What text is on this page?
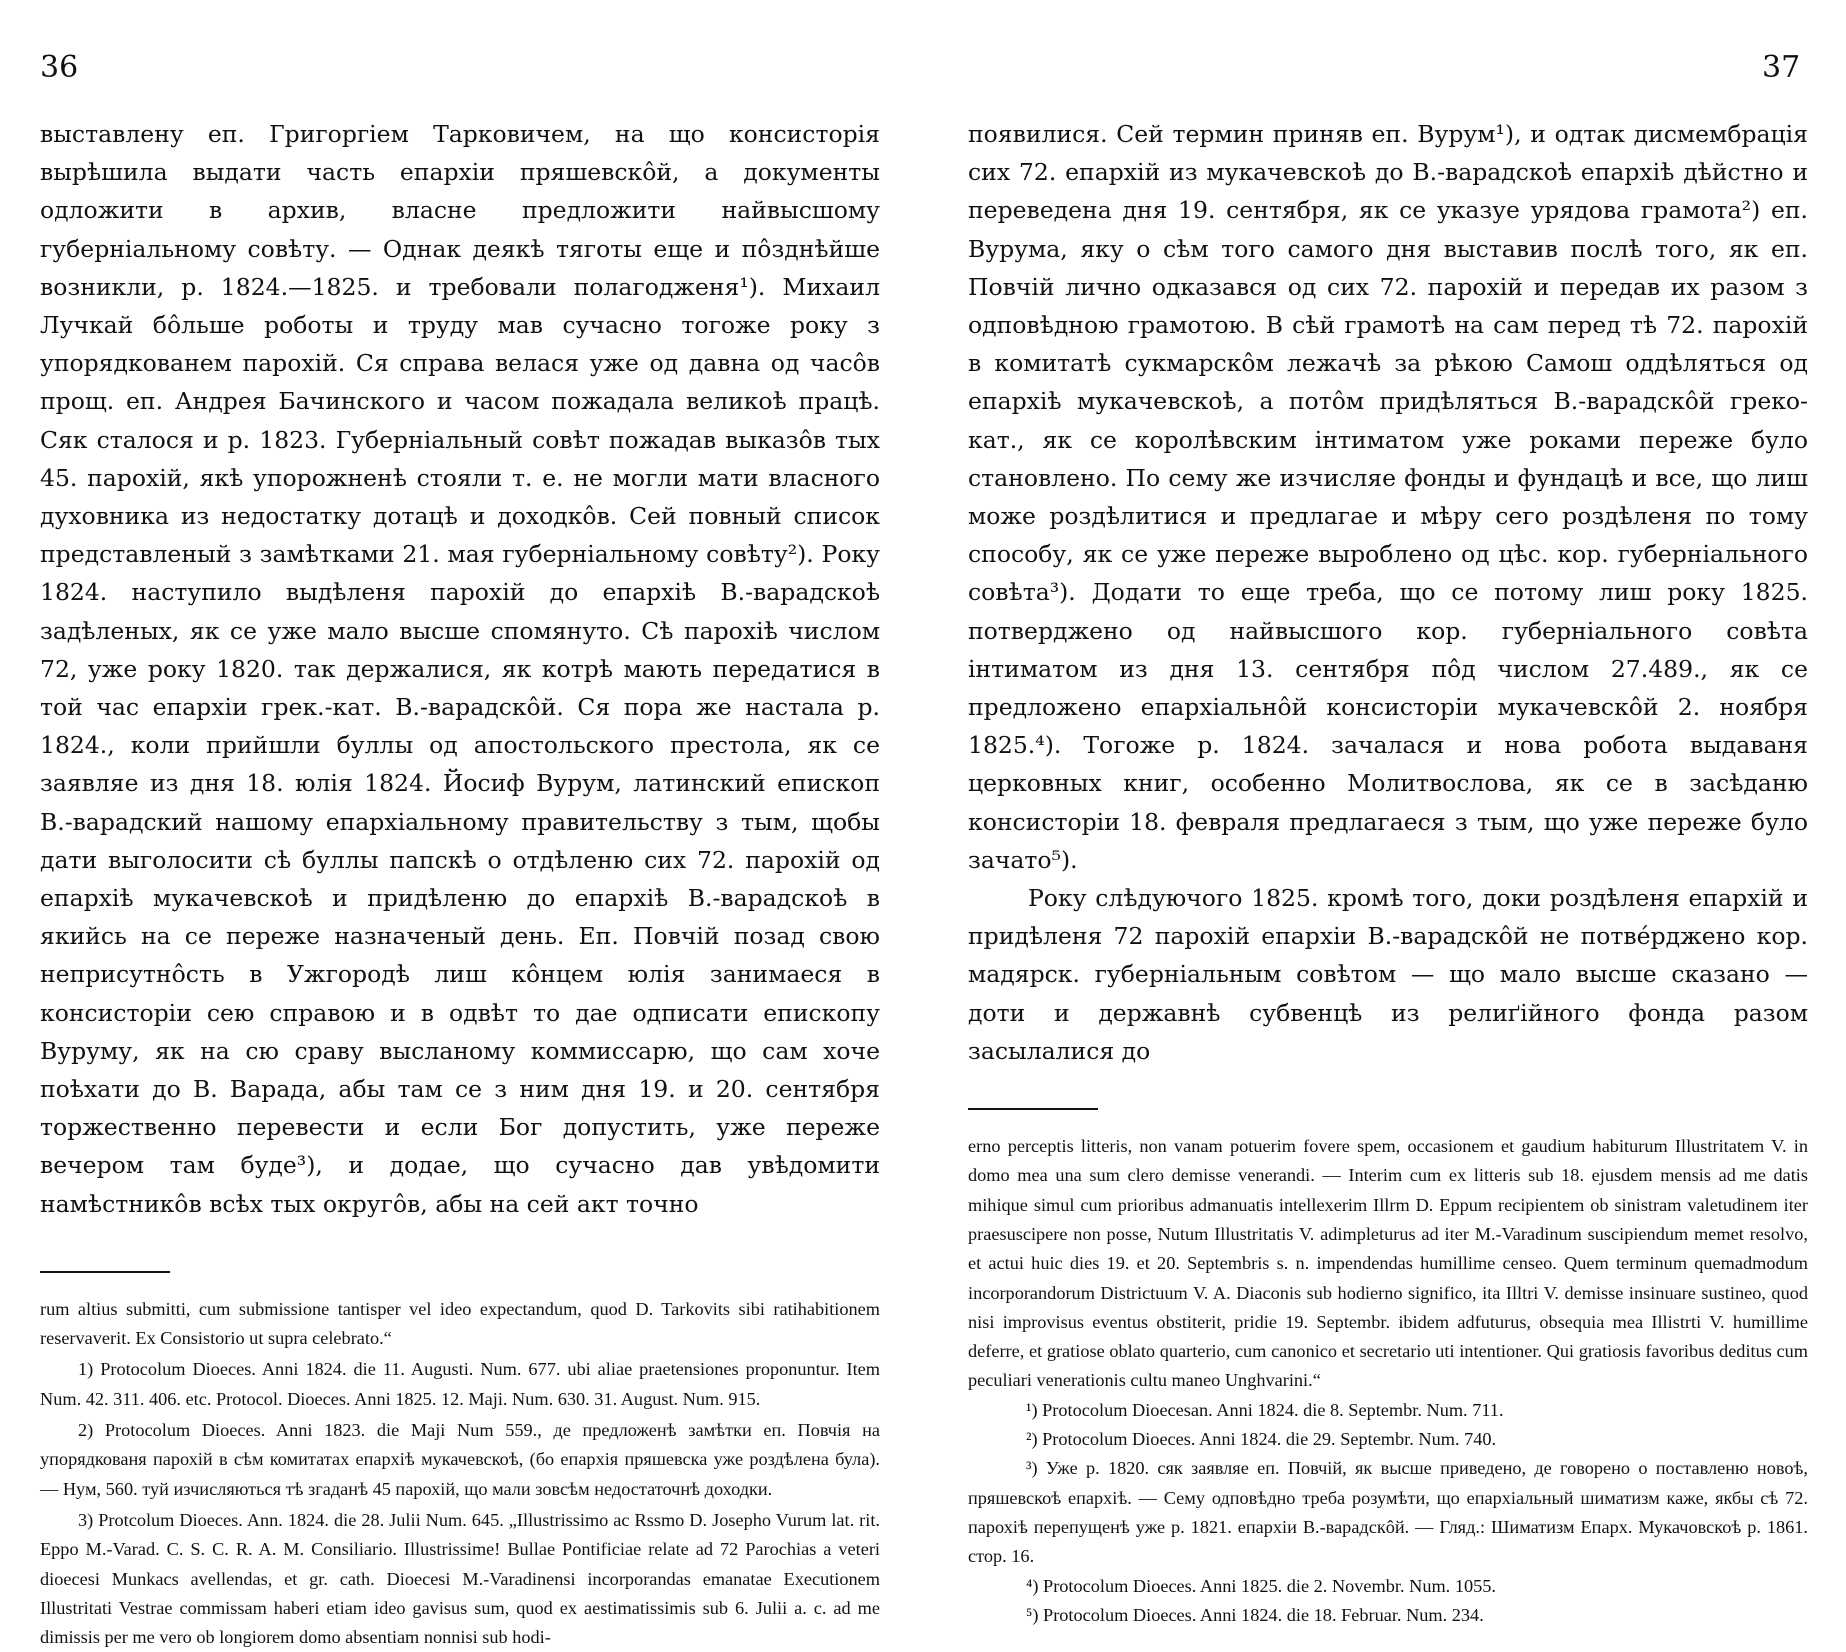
36	37

выставлену еп. Григоргіем Тарковичем, на що консисторія вырѣшила выдати часть епархіи пряшевскôй, а документы одложити в архив, власне предложити найвысшому губерніальному совѣту. — Однак деякѣ тяготы еще и пôзднѣйше возникли, р. 1824.—1825. и требовали полагодженя¹). Михаил Лучкай бôльше роботы и труду мав сучасно тогоже року з упорядкованем парохій. Ся справа велася уже од давна од часôв прощ. еп. Андрея Бачинского и часом пожадала великоѣ працѣ. Сяк сталося и р. 1823. Губерніальный совѣт пожадав выказôв тых 45. парохій, якѣ упорожненѣ стояли т. е. не могли мати власного духовника из недостатку дотацѣ и доходкôв. Сей повный список представленый з замѣтками 21. мая губерніальному совѣту²). Року 1824. наступило выдѣленя парохій до епархіѣ В.-варадскоѣ задѣленых, як се уже мало высше спомянуто. Сѣ парохіѣ числом 72, уже року 1820. так держалися, як котрѣ мають передатися в той час епархіи грек.-кат. В.-варадскôй. Ся пора же настала р. 1824., коли прийшли буллы од апостольского престола, як се заявляе из дня 18. юлія 1824. Йосиф Вурум, латинский епископ В.-варадский нашому епархіальному правительству з тым, щобы дати выголосити сѣ буллы папскѣ о отдѣленю сих 72. парохій од епархіѣ мукачевскоѣ и придѣленю до епархіѣ В.-варадскоѣ в якийсь на се переже назначеный день. Еп. Повчій позад свою неприсутнôсть в Ужгородѣ лиш кôнцем юлія занимаеся в консисторіи сею справою и в одвѣт то дае одписати епископу Вуруму, як на сю сраву высланому коммиссарю, що сам хоче поѣхати до В. Варада, абы там се з ним дня 19. и 20. сентября торжественно перевести и если Бог допустить, уже переже вечером там буде³), и додае, що сучасно дав увѣдомити намѣстникôв всѣх тых округôв, абы на сей акт точно

rum altius submitti, cum submissione tantisper vel ideo expectandum, quod D. Tarkovits sibi ratihabitionem reservaverit. Ex Consistorio ut supra celebrato.“

1) Protocolum Dioeces. Anni 1824. die 11. Augusti. Num. 677. ubi aliae praetensiones proponuntur. Item Num. 42. 311. 406. etc. Protocol. Dioeces. Anni 1825. 12. Maji. Num. 630. 31. August. Num. 915.

2) Protocolum Dioeces. Anni 1823. die Maji Num 559., де предложенѣ замѣтки еп. Повчія на упорядкованя парохій в сѣм комитатах епархіѣ мукачевскоѣ, (бо епархія пряшевска уже роздѣлена була). — Нум, 560. туй изчисляються тѣ згаданѣ 45 парохій, що мали зовсѣм недостаточнѣ доходки.

3) Protcolum Dioeces. Ann. 1824. die 28. Julii Num. 645. „Illustrissimo ac Rssmo D. Josepho Vurum lat. rit. Eppo M.-Varad. C. S. C. R. A. M. Consiliario. Illustrissime! Bullae Pontificiae relate ad 72 Parochias a veteri dioecesi Munkacs avellendas, et gr. cath. Dioecesi M.-Varadinensi incorporandas emanatae Executionem Illustritati Vestrae commissam haberi etiam ideo gavisus sum, quod ex aestimatissimis sub 6. Julii a. c. ad me dimissis per me vero ob longiorem domo absentiam nonnisi sub hodi-

появилися. Сей термин приняв еп. Вурум¹), и одтак дисмембрація сих 72. епархій из мукачевскоѣ до В.-варадскоѣ епархіѣ дѣйстно и переведена дня 19. сентября, як се указуе урядова грамота²) еп. Вурума, яку о сѣм того самого дня выставив послѣ того, як еп. Повчій лично одказався од сих 72. парохій и передав их разом з одповѣдною грамотою. В сѣй грамотѣ на сам перед тѣ 72. парохій в комитатѣ сукмарскôм лежачѣ за рѣкою Самош оддѣляться од епархіѣ мукачевскоѣ, а потôм придѣляться В.-варадскôй греко-кат., як се королѣвским інтиматом уже роками переже було становлено. По сему же изчисляе фонды и фундацѣ и все, що лиш може роздѣлитися и предлагае и мѣру сего роздѣленя по тому способу, як се уже переже выроблено од цѣс. кор. губерніального совѣта³). Додати то еще треба, що се потому лиш року 1825. потверджено од найвысшого кор. губерніального совѣта інтиматом из дня 13. сентября пôд числом 27.489., як се предложено епархіальнôй консисторіи мукачевскôй 2. ноября 1825.⁴). Тогоже р. 1824. зачалася и нова робота выдаваня церковных книг, особенно Молитвослова, як се в засѣданю консисторіи 18. февраля предлагаеся з тым, що уже переже було зачато⁵).

Року слѣдуючого 1825. кромѣ того, доки роздѣленя епархій и придѣленя 72 парохій епархіи В.-варадскôй не потвéрджено кор. мадярск. губерніальным совѣтом — що мало высше сказано — доти и державнѣ субвенцѣ из релиґійного фонда разом засылалися до

erno perceptis litteris, non vanam potuerim fovere spem, occasionem et gaudium habiturum Illustritatem V. in domo mea una sum clero demisse venerandi. — Interim cum ex litteris sub 18. ejusdem mensis ad me datis mihique simul cum prioribus admanuatis intellexerim Illrm D. Eppum recipientem ob sinistram valetudinem iter praesuscipere non posse, Nutum Illustritatis V. adimpleturus ad iter M.-Varadinum suscipiendum memet resolvo, et actui huic dies 19. et 20. Septembris s. n. impendendas humillime censeo. Quem terminum quemadmodum incorporandorum Districtuum V. A. Diaconis sub hodierno significo, ita Illtri V. demisse insinuare sustineo, quod nisi improvisus eventus obstiterit, pridie 19. Septembr. ibidem adfuturus, obsequia mea Illistrti V. humillime deferre, et gratiose oblato quarterio, cum canonico et secretario uti intentioner. Qui gratiosis favoribus deditus cum peculiari venerationis cultu maneo Unghvarini.“

¹) Protocolum Dioecesan. Anni 1824. die 8. Septembr. Num. 711.

²) Protocolum Dioeces. Anni 1824. die 29. Septembr. Num. 740.

³) Уже р. 1820. сяк заявляе еп. Повчій, як высше приведено, де говорено о поставленю новоѣ, пряшевскоѣ епархіѣ. — Сему одповѣдно треба розумѣти, що епархіальный шиматизм каже, якбы сѣ 72. парохіѣ перепущенѣ уже р. 1821. епархіи В.-варадскôй. — Гляд.: Шиматизм Епарх. Мукачовскоѣ р. 1861. стор. 16.

⁴) Protocolum Dioeces. Anni 1825. die 2. Novembr. Num. 1055.

⁵) Protocolum Dioeces. Anni 1824. die 18. Februar. Num. 234.
